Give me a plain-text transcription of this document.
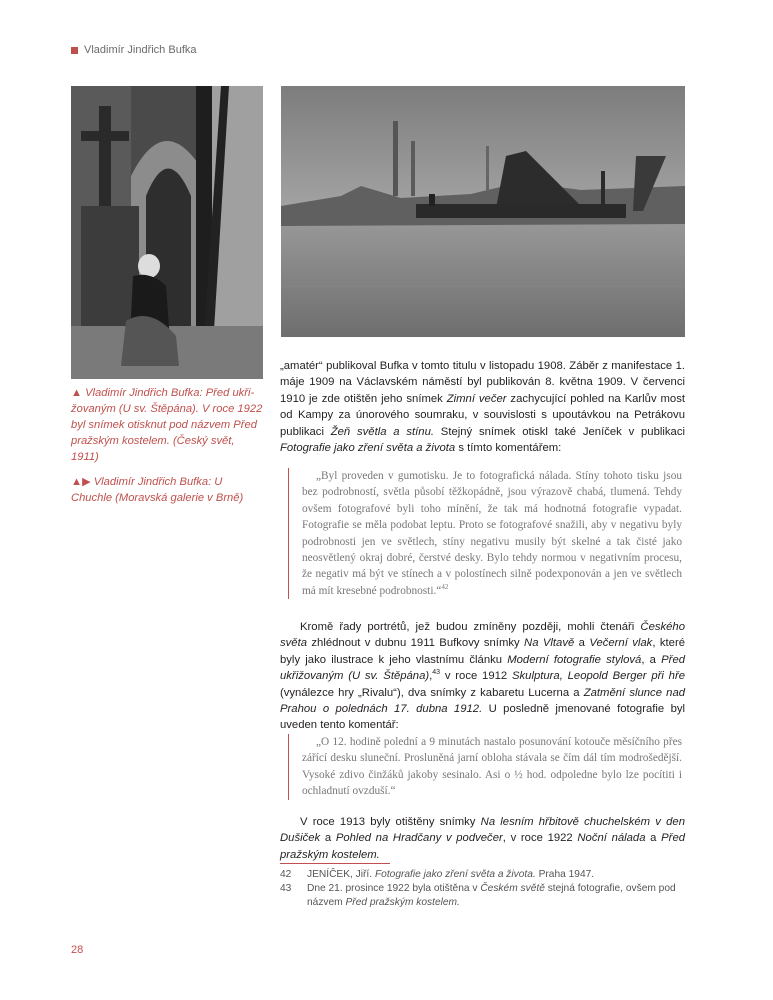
Vladimír Jindřich Bufka
▲ Vladimír Jindřich Bufka: Před ukřižovaným (U sv. Štěpána). V roce 1922 byl snímek otisknut pod názvem Před pražským kostelem. (Český svět, 1911)
▲▶ Vladimír Jindřich Bufka: U Chuchle (Moravská galerie v Brně)

„amatér“ publikoval Bufka v tomto titulu v listopadu 1908. Záběr z manifestace 1. máje 1909 na Václavském náměstí byl publikován 8. května 1909. V červenci 1910 je zde otištěn jeho snímek Zimní večer zachycující pohled na Karlův most od Kampy za únorového soumraku, v souvislosti s upoutávkou na Petrákovu publikaci Žeň světla a stínu. Stejný snímek otiskl také Jeníček v publikaci Fotografie jako zření světa a života s tímto komentářem:

„Byl proveden v gumotisku. Je to fotografická nálada. Stíny tohoto tisku jsou bez podrobností, světla působí těžkopádně, jsou výrazově chabá, tlumená. Tehdy ovšem fotografové byli toho mínění, že tak má hodnotná fotografie vypadat. Fotografie se měla podobat leptu. Proto se fotografové snažili, aby v negativu byly podrobnosti jen ve světlech, stíny negativu musily být skelné a tak čisté jako neosvětlený okraj dobré, čerstvé desky. Bylo tehdy normou v negativním procesu, že negativ má být ve stínech a v polostínech silně podexponován a jen ve světlech má mít kresebné podrobnosti.“$^{42}$

Kromě řady portrétů, jež budou zmíněny později, mohli čtenáři Českého světa zhlédnout v dubnu 1911 Bufkovy snímky Na Vltavě a Večerní vlak, které byly jako ilustrace k jeho vlastnímu článku Moderní fotografie stylová, a Před ukřižovaným (U sv. Štěpána),$^{43}$ v roce 1912 Skulptura, Leopold Berger při hře (vynálezce hry „Rivalu“), dva snímky z kabaretu Lucerna a Zatmění slunce nad Prahou o polednách 17. dubna 1912. U posledně jmenované fotografie byl uveden tento komentář:

„O 12. hodině polední a 9 minutách nastalo posunování kotouče měsíčního přes zářící desku sluneční. Prosluněná jarní obloha stávala se čím dál tím modrošedější. Vysoké zdivo činžáků jakoby sesinalo. Asi o ½ hod. odpoledne bylo lze pocítiti i ochladnutí ovzduší.“

V roce 1913 byly otištěny snímky Na lesním hřbitově chuchelském v den Dušiček a Pohled na Hradčany v podvečer, v roce 1922 Noční nálada a Před pražským kostelem.

42	JENÍČEK, Jiří. Fotografie jako zření světa a života. Praha 1947.
43	Dne 21. prosince 1922 byla otištěna v Českém světě stejná fotografie, ovšem pod názvem Před pražským kostelem.
28
